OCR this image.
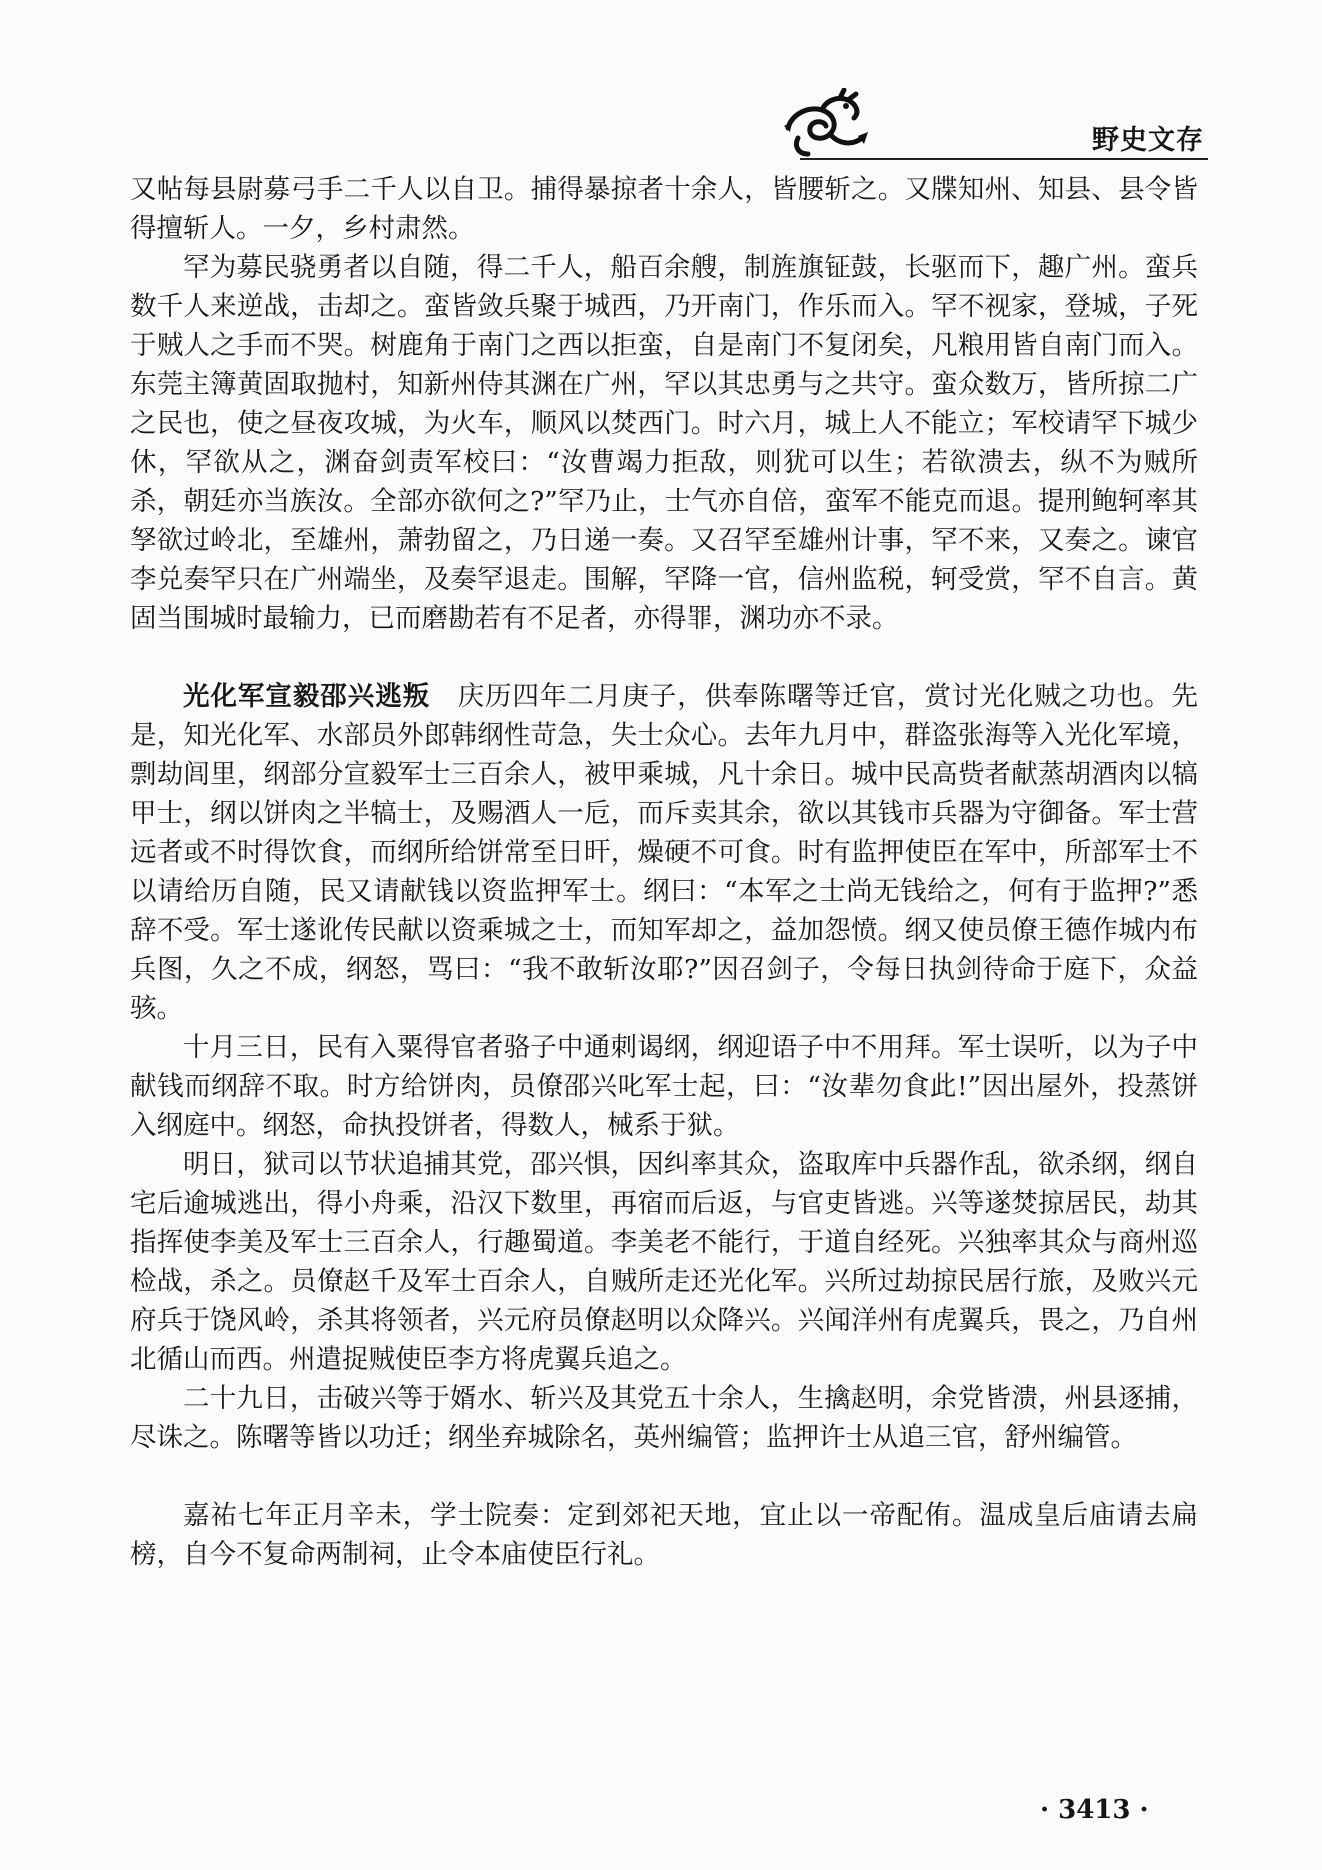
野史文存

又帖每县尉募弓手二千人以自卫。捕得暴掠者十余人，皆腰斩之。又牒知州、知县、县令皆得擅斩人。一夕，乡村肃然。

罕为募民骁勇者以自随，得二千人，船百余艘，制旌旗钲鼓，长驱而下，趣广州。蛮兵数千人来逆战，击却之。蛮皆敛兵聚于城西，乃开南门，作乐而入。罕不视家，登城，子死于贼人之手而不哭。树鹿角于南门之西以拒蛮，自是南门不复闭矣，凡粮用皆自南门而入。东莞主簿黄固取抛村，知新州侍其渊在广州，罕以其忠勇与之共守。蛮众数万，皆所掠二广之民也，使之昼夜攻城，为火车，顺风以焚西门。时六月，城上人不能立；军校请罕下城少休，罕欲从之，渊奋剑责军校曰：“汝曹竭力拒敌，则犹可以生；若欲溃去，纵不为贼所杀，朝廷亦当族汝。全部亦欲何之?”罕乃止，士气亦自倍，蛮军不能克而退。提刑鲍轲率其孥欲过岭北，至雄州，萧勃留之，乃日递一奏。又召罕至雄州计事，罕不来，又奏之。谏官李兑奏罕只在广州端坐，及奏罕退走。围解，罕降一官，信州监税，轲受赏，罕不自言。黄固当围城时最输力，已而磨勘若有不足者，亦得罪，渊功亦不录。

光化军宣毅邵兴逃叛　 庆历四年二月庚子，供奉陈曙等迁官，赏讨光化贼之功也。先是，知光化军、水部员外郎韩纲性苛急，失士众心。去年九月中，群盗张海等入光化军境，剽劫闾里，纲部分宣毅军士三百余人，被甲乘城，凡十余日。城中民高赀者献蒸胡酒肉以犒甲士，纲以饼肉之半犒士，及赐酒人一卮，而斥卖其余，欲以其钱市兵器为守御备。军士营远者或不时得饮食，而纲所给饼常至日旰，燥硬不可食。时有监押使臣在军中，所部军士不以请给历自随，民又请献钱以资监押军士。纲曰：“本军之士尚无钱给之，何有于监押?”悉辞不受。军士遂讹传民献以资乘城之士，而知军却之，益加怨愤。纲又使员僚王德作城内布兵图，久之不成，纲怒，骂曰：“我不敢斩汝耶?”因召剑子，令每日执剑待命于庭下，众益骇。

十月三日，民有入粟得官者骆子中通刺谒纲，纲迎语子中不用拜。军士误听，以为子中献钱而纲辞不取。时方给饼肉，员僚邵兴叱军士起，曰：“汝辈勿食此!”因出屋外，投蒸饼入纲庭中。纲怒，命执投饼者，得数人，械系于狱。

明日，狱司以节状追捕其党，邵兴惧，因纠率其众，盗取库中兵器作乱，欲杀纲，纲自宅后逾城逃出，得小舟乘，沿汉下数里，再宿而后返，与官吏皆逃。兴等遂焚掠居民，劫其指挥使李美及军士三百余人，行趣蜀道。李美老不能行，于道自经死。兴独率其众与商州巡检战，杀之。员僚赵千及军士百余人，自贼所走还光化军。兴所过劫掠民居行旅，及败兴元府兵于饶风岭，杀其将领者，兴元府员僚赵明以众降兴。兴闻洋州有虎翼兵，畏之，乃自州北循山而西。州遣捉贼使臣李方将虎翼兵追之。

二十九日，击破兴等于婿水、斩兴及其党五十余人，生擒赵明，余党皆溃，州县逐捕，尽诛之。陈曙等皆以功迁；纲坐弃城除名，英州编管；监押许士从追三官，舒州编管。

嘉祐七年正月辛未，学士院奏：定到郊祀天地，宜止以一帝配侑。温成皇后庙请去扁榜，自今不复命两制祠，止令本庙使臣行礼。

· 3413 ·
